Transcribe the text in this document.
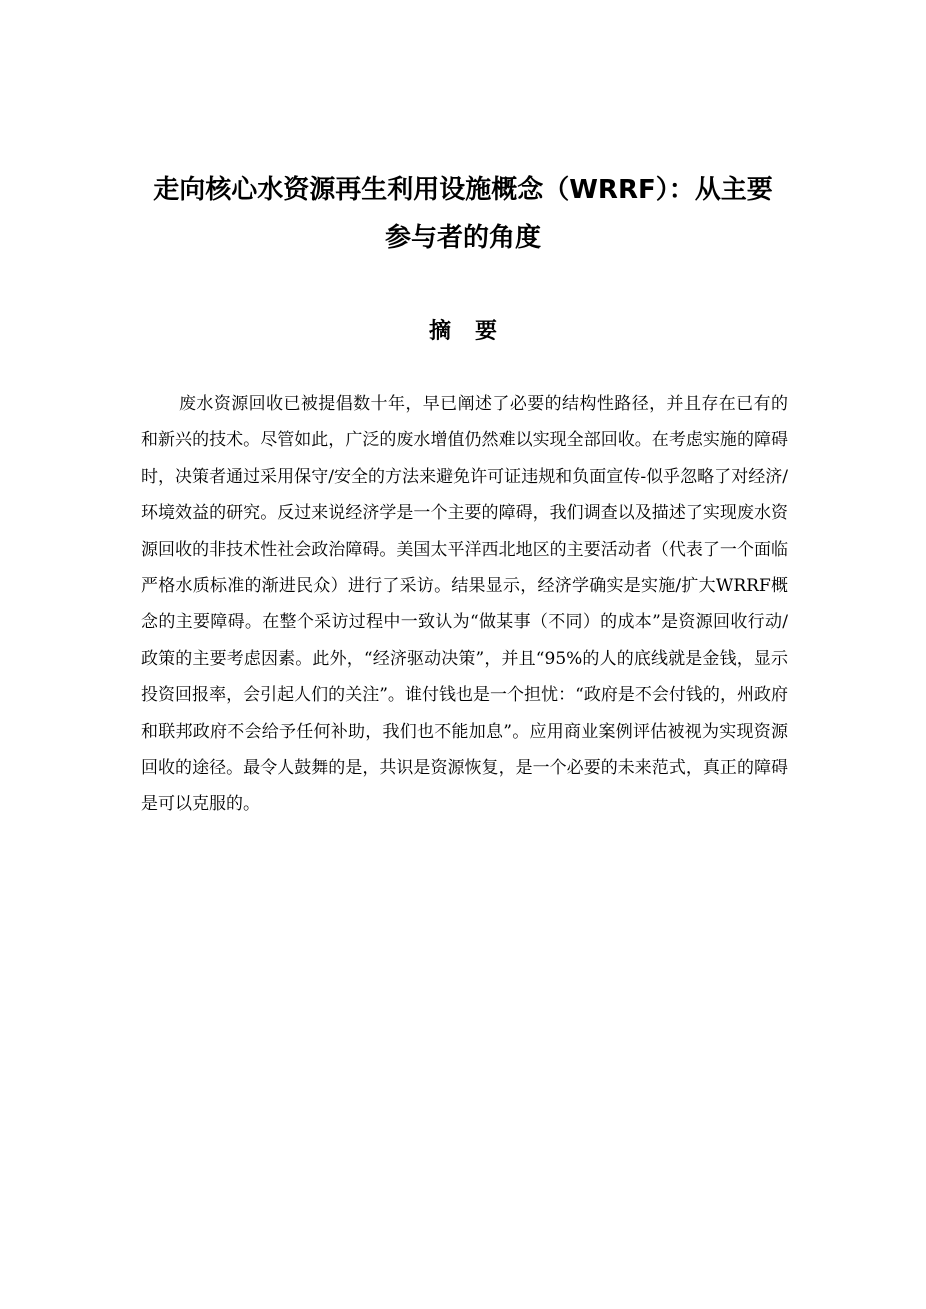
走向核心水资源再生利用设施概念（WRRF）：从主要
参与者的角度
摘要

废水资源回收已被提倡数十年，早已阐述了必要的结构性路径，并且存在已有的和新兴的技术。尽管如此，广泛的废水增值仍然难以实现全部回收。在考虑实施的障碍时，决策者通过采用保守/安全的方法来避免许可证违规和负面宣传-似乎忽略了对经济/环境效益的研究。反过来说经济学是一个主要的障碍，我们调查以及描述了实现废水资源回收的非技术性社会政治障碍。美国太平洋西北地区的主要活动者（代表了一个面临严格水质标准的渐进民众）进行了采访。结果显示，经济学确实是实施/扩大WRRF概念的主要障碍。在整个采访过程中一致认为“做某事（不同）的成本”是资源回收行动/政策的主要考虑因素。此外，“经济驱动决策”，并且“95%的人的底线就是金钱，显示投资回报率，会引起人们的关注”。谁付钱也是一个担忧：“政府是不会付钱的，州政府和联邦政府不会给予任何补助，我们也不能加息”。应用商业案例评估被视为实现资源回收的途径。最令人鼓舞的是，共识是资源恢复，是一个必要的未来范式，真正的障碍是可以克服的。
